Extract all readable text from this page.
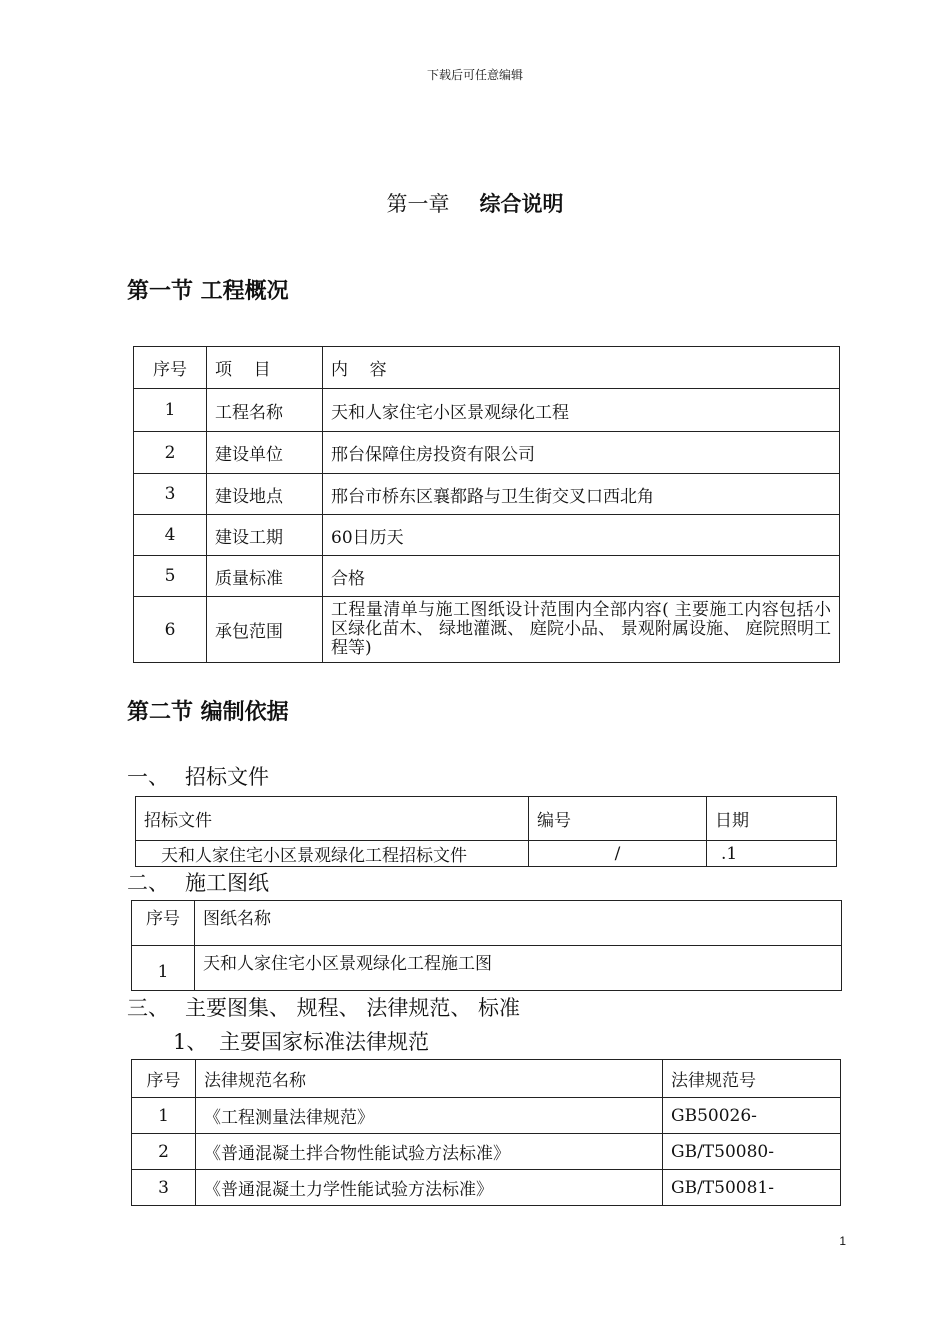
下载后可任意编辑
第一章 综合说明
第一节 工程概况
序号	项    目	内    容
1	工程名称	天和人家住宅小区景观绿化工程
2	建设单位	邢台保障住房投资有限公司
3	建设地点	邢台市桥东区襄都路与卫生街交叉口西北角
4	建设工期	60日历天
5	质量标准	合格
6	承包范围	工程量清单与施工图纸设计范围内全部内容( 主要施工内容包括小区绿化苗木、 绿地灌溉、 庭院小品、 景观附属设施、 庭院照明工程等)
第二节 编制依据
一、 招标文件
招标文件	编号	日期
天和人家住宅小区景观绿化工程招标文件	/	.1
二、 施工图纸
序号	图纸名称
1	天和人家住宅小区景观绿化工程施工图
三、 主要图集、 规程、 法律规范、 标准
1、 主要国家标准法律规范
序号	法律规范名称	法律规范号
1	《工程测量法律规范》	GB50026-
2	《普通混凝土拌合物性能试验方法标准》	GB/T50080-
3	《普通混凝土力学性能试验方法标准》	GB/T50081-
1
